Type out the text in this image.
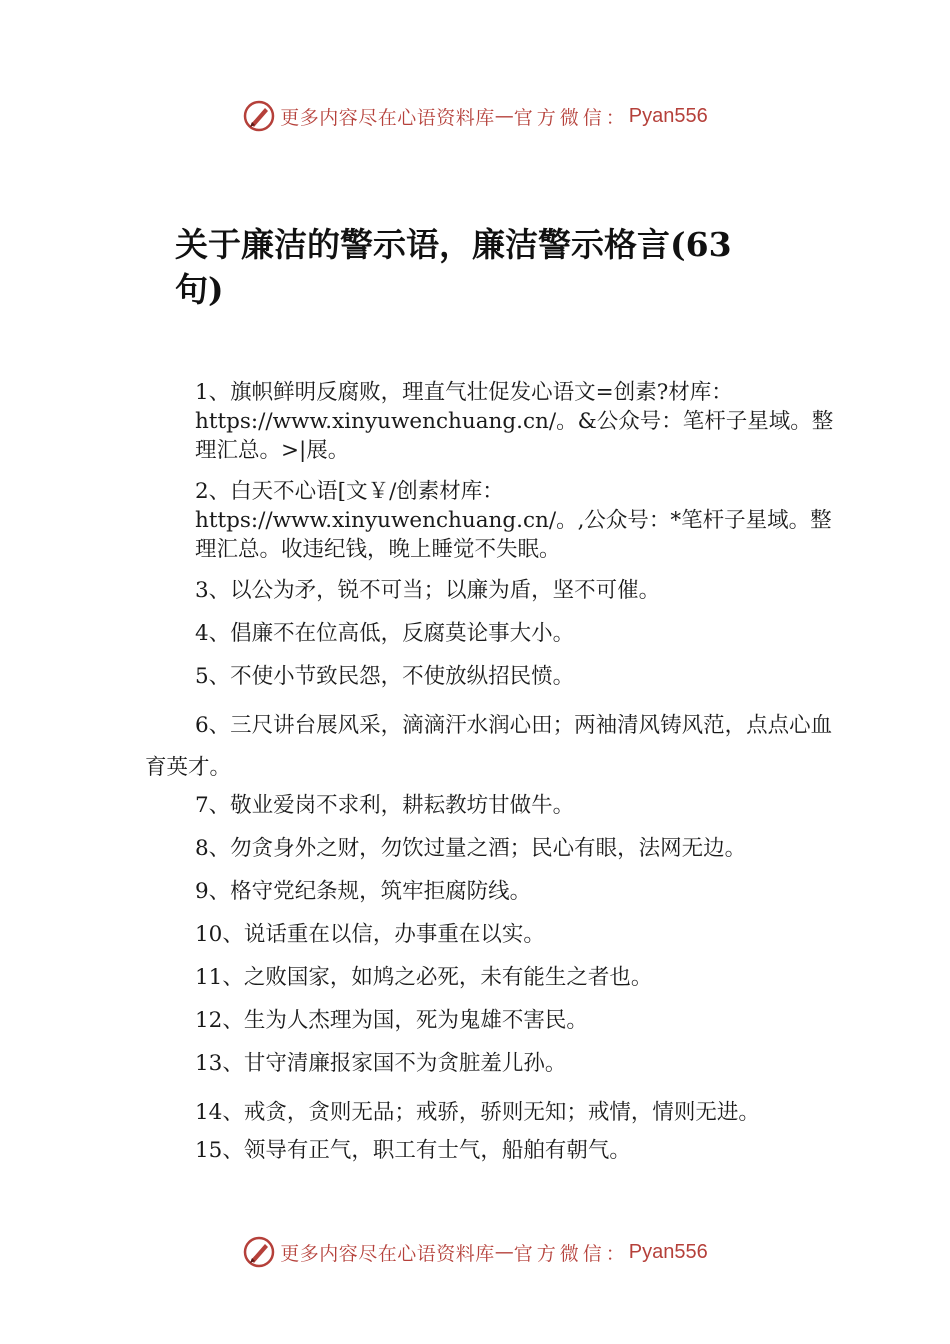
更多内容尽在心语资料库 — 官方微信： Pyan556
关于廉洁的警示语，廉洁警示格言(63句)

1、旗帜鲜明反腐败，理直气壮促发心语文=创素?材库：https://www.xinyuwenchuang.cn/。&公众号：笔杆子星域。整理汇总。>|展。

2、白天不心语[文￥/创素材库：https://www.xinyuwenchuang.cn/。,公众号：*笔杆子星域。整理汇总。收违纪钱，晚上睡觉不失眠。

3、以公为矛，锐不可当；以廉为盾，坚不可催。

4、倡廉不在位高低，反腐莫论事大小。

5、不使小节致民怨，不使放纵招民愤。

6、三尺讲台展风采，滴滴汗水润心田；两袖清风铸风范，点点心血育英才。

7、敬业爱岗不求利，耕耘教坊甘做牛。

8、勿贪身外之财，勿饮过量之酒；民心有眼，法网无边。

9、格守党纪条规，筑牢拒腐防线。

10、说话重在以信，办事重在以实。

11、之败国家，如鸠之必死，未有能生之者也。

12、生为人杰理为国，死为鬼雄不害民。

13、甘守清廉报家国不为贪脏羞儿孙。

14、戒贪，贪则无品；戒骄，骄则无知；戒情，情则无进。

15、领导有正气，职工有士气，船舶有朝气。

更多内容尽在心语资料库 — 官方微信： Pyan556
